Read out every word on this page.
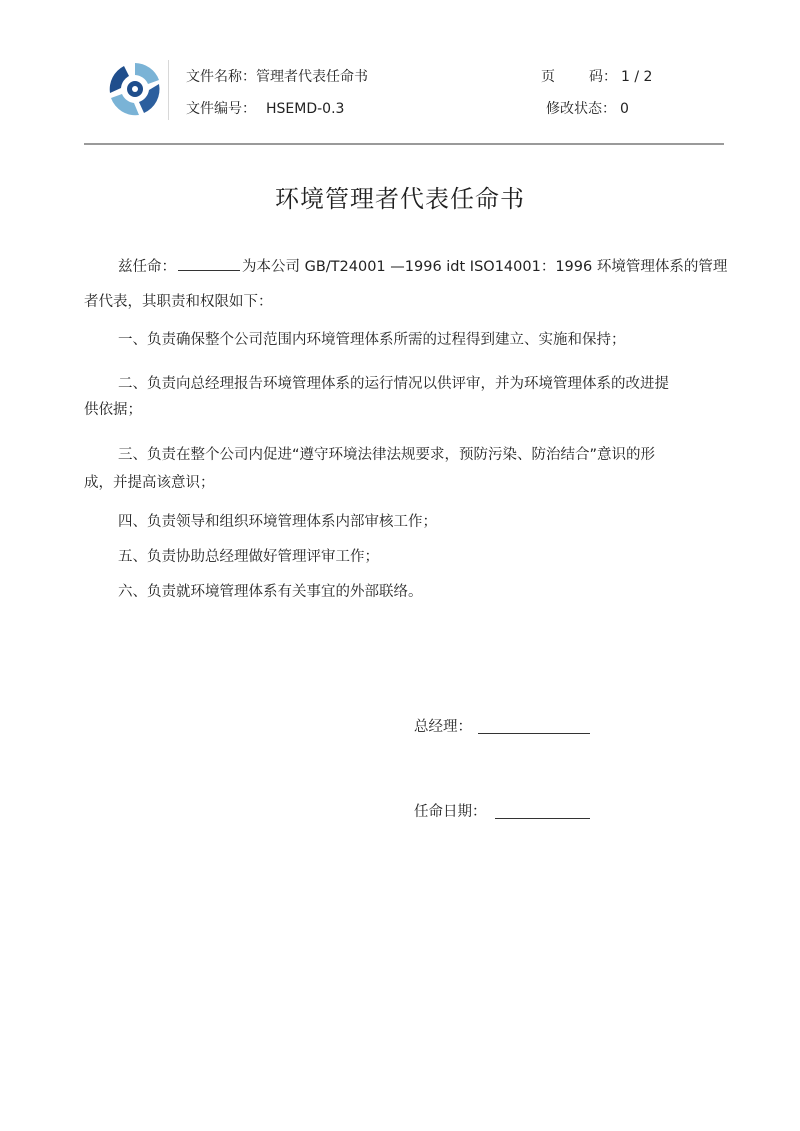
文件名称：管理者代表任命书
文件编号： HSEMD-0.3
页 码： 1 / 2
修改状态： 0
环境管理者代表任命书
兹任命：	为本公司 GB/T24001 —1996 idt ISO14001：1996 环境管理体系的管理
者代表，其职责和权限如下：
一、负责确保整个公司范围内环境管理体系所需的过程得到建立、实施和保持；
二、负责向总经理报告环境管理体系的运行情况以供评审，并为环境管理体系的改进提
供依据；
三、负责在整个公司内促进“遵守环境法律法规要求，预防污染、防治结合”意识的形
成，并提高该意识；
四、负责领导和组织环境管理体系内部审核工作；
五、负责协助总经理做好管理评审工作；
六、负责就环境管理体系有关事宜的外部联络。
总经理：
任命日期：
